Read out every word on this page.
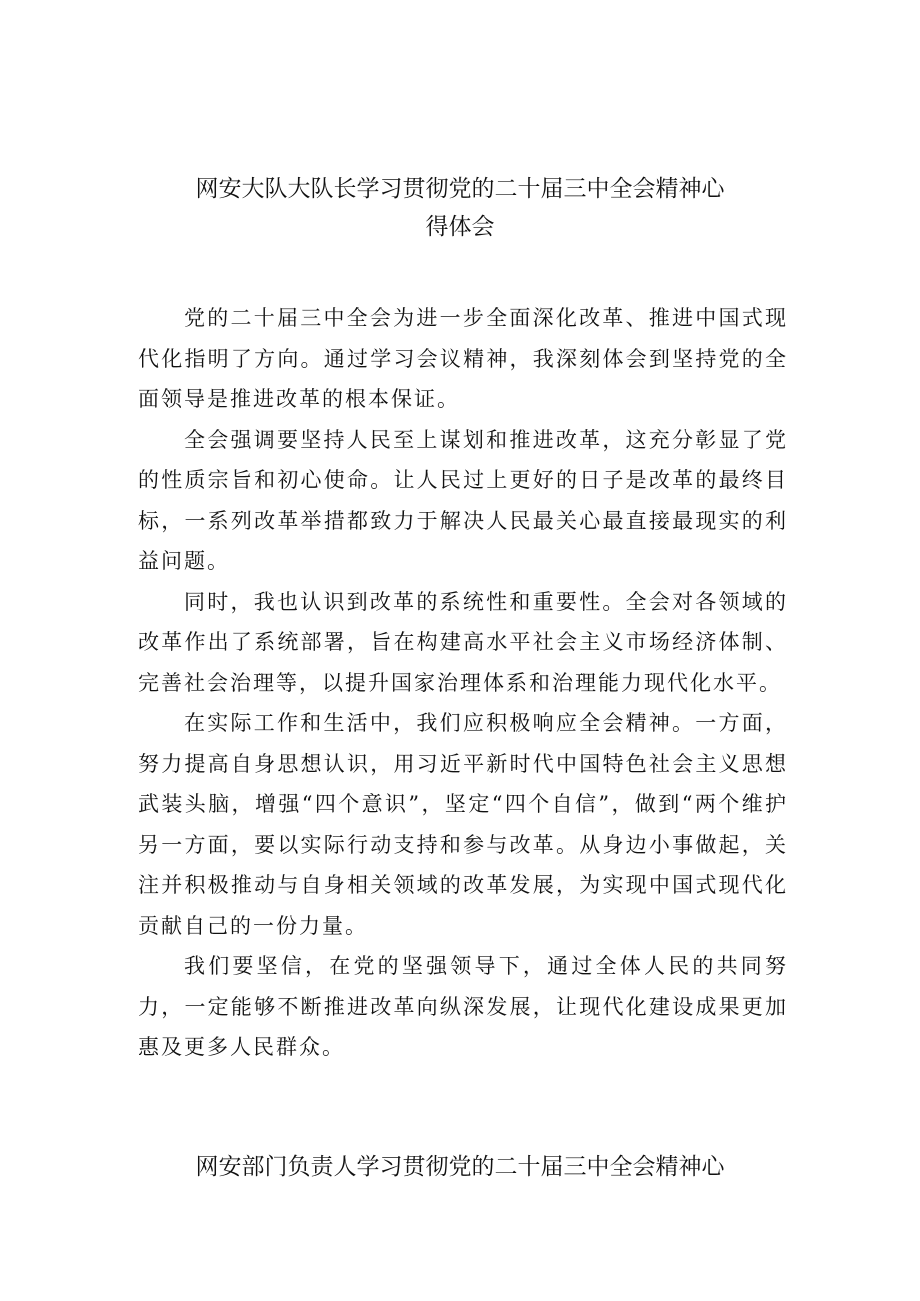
网安大队大队长学习贯彻党的二十届三中全会精神心
得体会

党的二十届三中全会为进一步全面深化改革、推进中国式现代化指明了方向。通过学习会议精神，我深刻体会到坚持党的全面领导是推进改革的根本保证。

全会强调要坚持人民至上谋划和推进改革，这充分彰显了党的性质宗旨和初心使命。让人民过上更好的日子是改革的最终目标，一系列改革举措都致力于解决人民最关心最直接最现实的利益问题。

同时，我也认识到改革的系统性和重要性。全会对各领域的改革作出了系统部署，旨在构建高水平社会主义市场经济体制、完善社会治理等，以提升国家治理体系和治理能力现代化水平。

在实际工作和生活中，我们应积极响应全会精神。一方面，努力提高自身思想认识，用习近平新时代中国特色社会主义思想武装头脑，增强“四个意识”，坚定“四个自信”，做到“两个维护另一方面，要以实际行动支持和参与改革。从身边小事做起，关注并积极推动与自身相关领域的改革发展，为实现中国式现代化贡献自己的一份力量。

我们要坚信，在党的坚强领导下，通过全体人民的共同努力，一定能够不断推进改革向纵深发展，让现代化建设成果更加惠及更多人民群众。

网安部门负责人学习贯彻党的二十届三中全会精神心
